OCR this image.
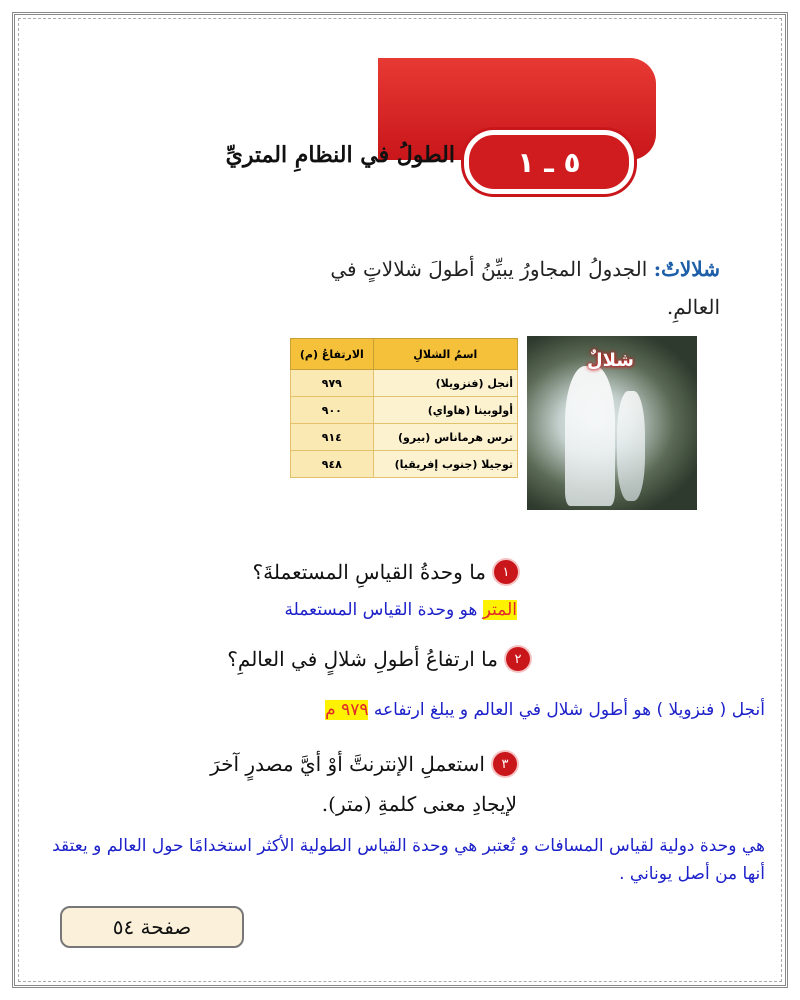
٥ ـ ١
الطولُ في النظامِ المتريِّ
شلالاتٌ: الجدولُ المجاورُ يبيِّنُ أطولَ شلالاتٍ في العالمِ.
اسمُ الشلالِ	الارتفاعُ (م)
أنجل (فنزويلا)	٩٧٩
أولوبينا (هاواي)	٩٠٠
ترس هرماناس (بيرو)	٩١٤
توجيلا (جنوب إفريقيا)	٩٤٨
شلالٌ
١
ما وحدةُ القياسِ المستعملةَ؟
المتر هو وحدة القياس المستعملة
٢
ما ارتفاعُ أطولِ شلالٍ في العالمِ؟
أنجل ( فنزويلا ) هو أطول شلال في العالم و يبلغ ارتفاعه ٩٧٩ م
٣
استعملِ الإنترنتَّ أوْ أيَّ مصدرٍ آخرَ
لإيجادِ معنى كلمةِ (متر).
هي وحدة دولية لقياس المسافات و تُعتبر هي وحدة القياس الطولية الأكثر استخدامًا حول العالم و يعتقد أنها من أصل يوناني .
صفحة ٥٤
